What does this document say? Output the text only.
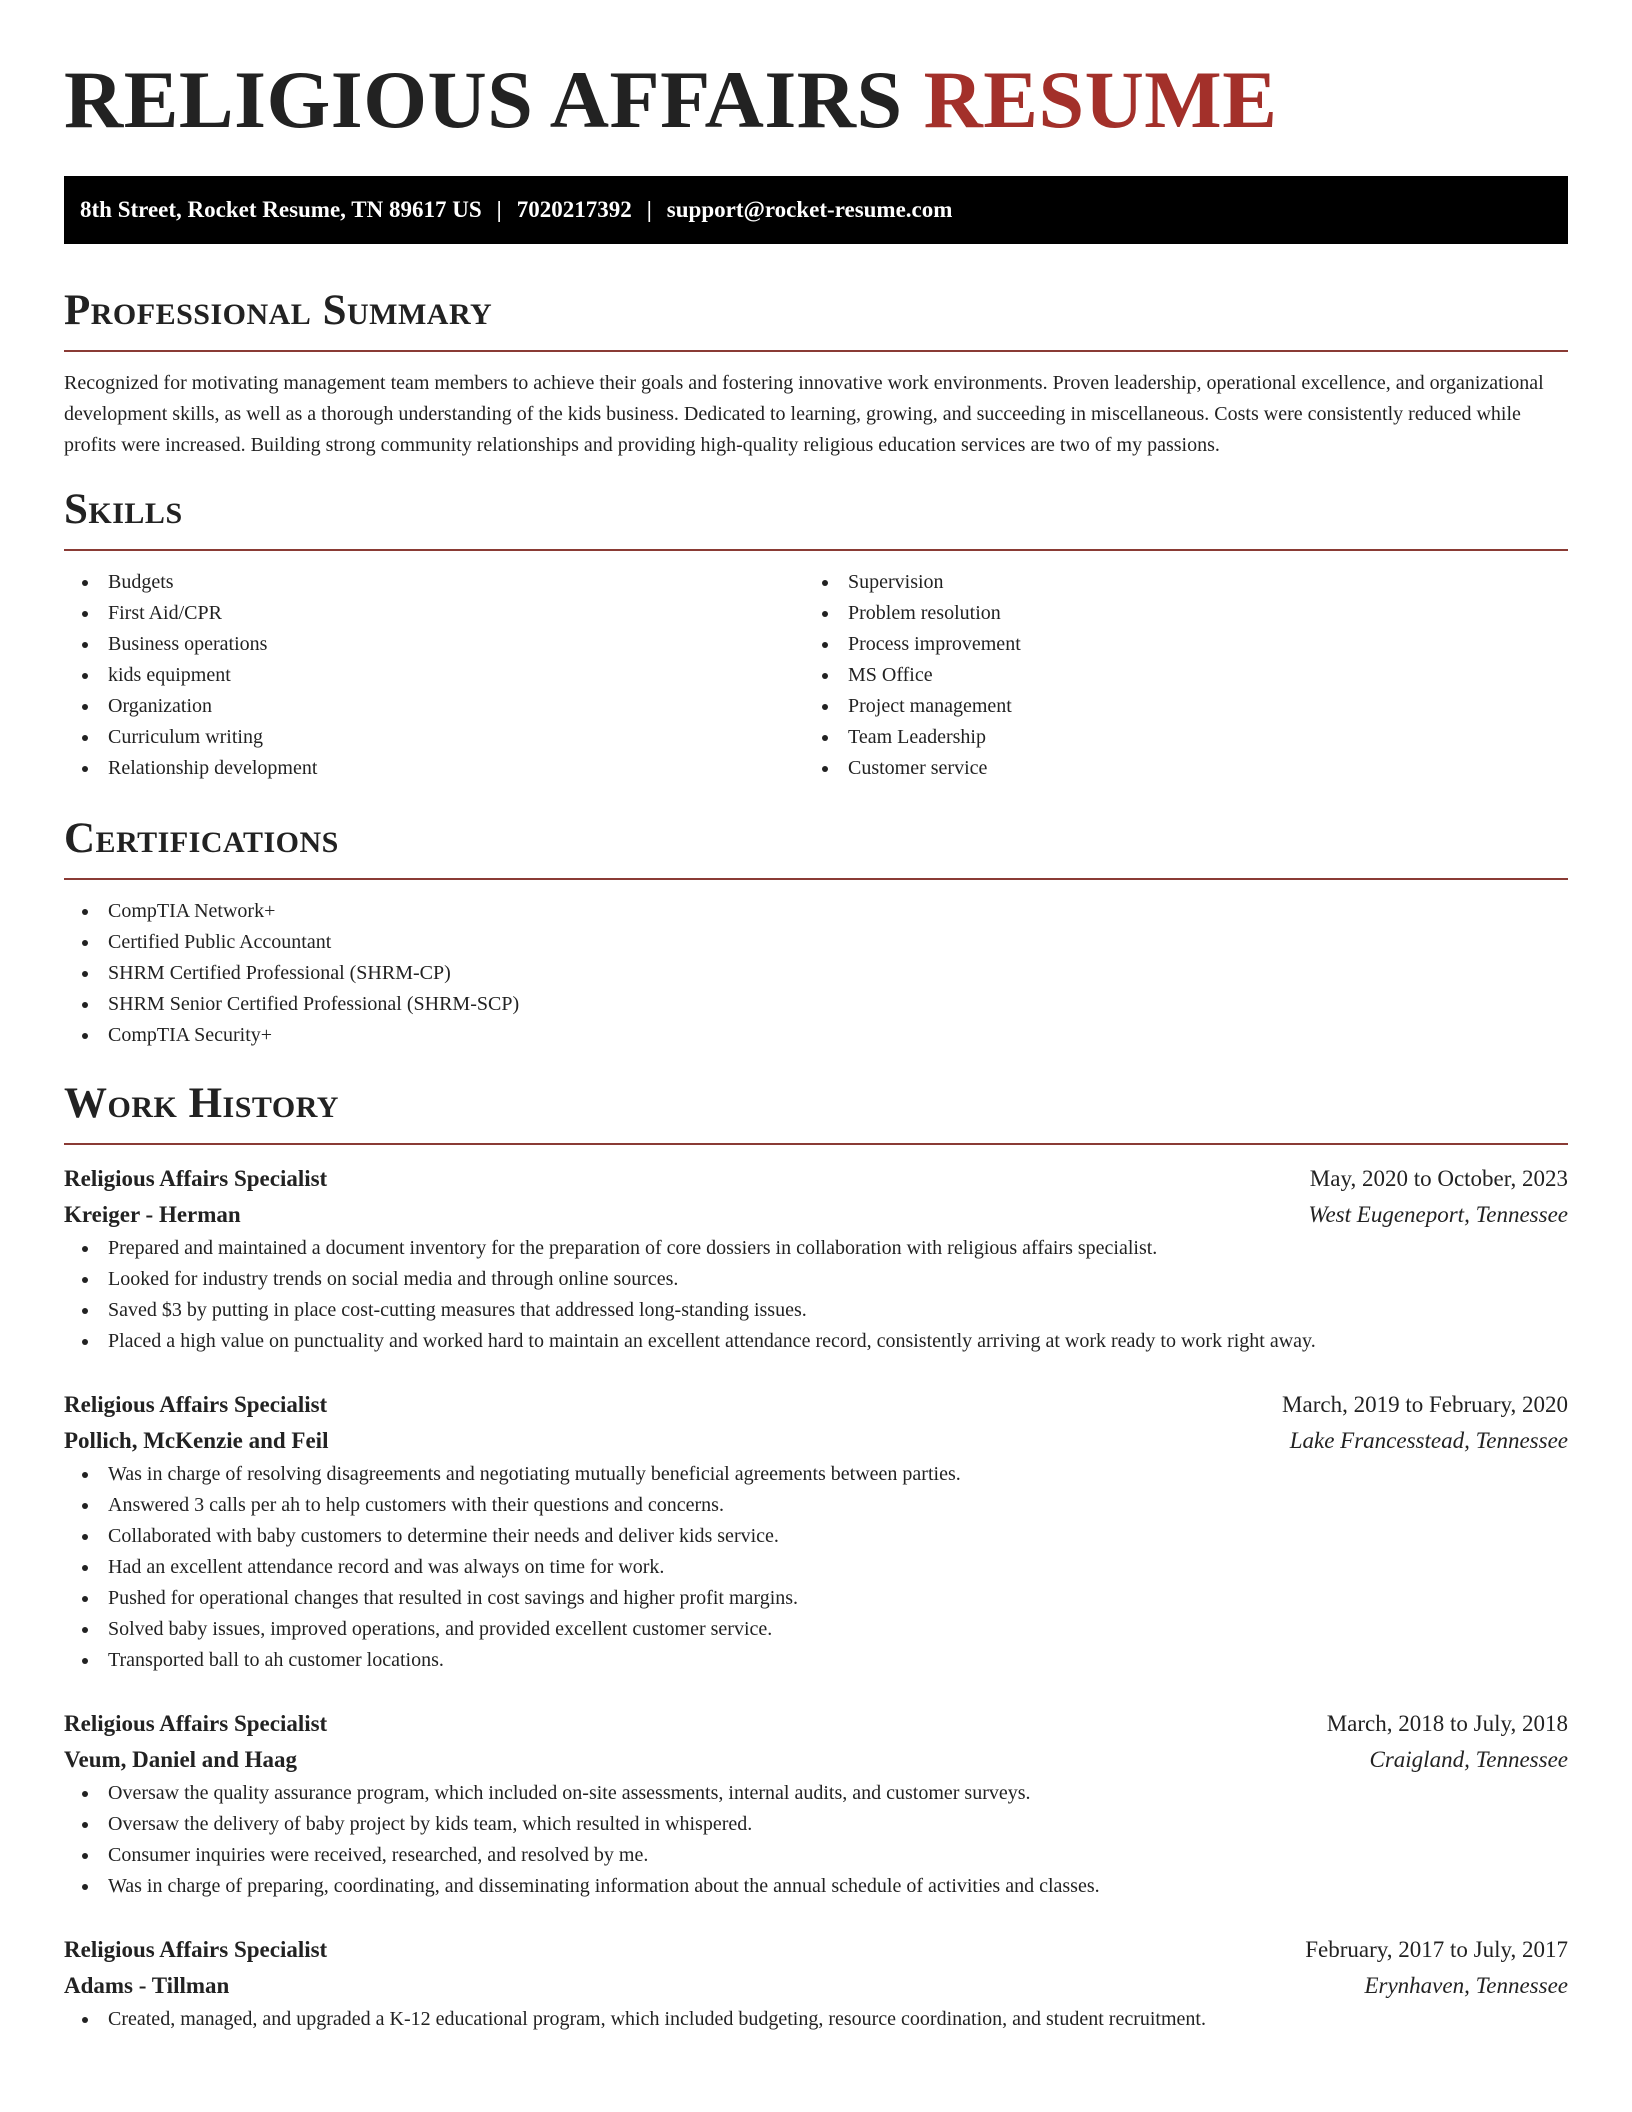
RELIGIOUS AFFAIRS RESUME
8th Street, Rocket Resume, TN 89617 US | 7020217392 | support@rocket-resume.com
Professional Summary

Recognized for motivating management team members to achieve their goals and fostering innovative work environments. Proven leadership, operational excellence, and organizational development skills, as well as a thorough understanding of the kids business. Dedicated to learning, growing, and succeeding in miscellaneous. Costs were consistently reduced while profits were increased. Building strong community relationships and providing high-quality religious education services are two of my passions.

Skills
Budgets
First Aid/CPR
Business operations
kids equipment
Organization
Curriculum writing
Relationship development
Supervision
Problem resolution
Process improvement
MS Office
Project management
Team Leadership
Customer service
Certifications
CompTIA Network+
Certified Public Accountant
SHRM Certified Professional (SHRM-CP)
SHRM Senior Certified Professional (SHRM-SCP)
CompTIA Security+
Work History
Religious Affairs Specialist	May, 2020 to October, 2023
Kreiger - Herman	West Eugeneport, Tennessee
Prepared and maintained a document inventory for the preparation of core dossiers in collaboration with religious affairs specialist.
Looked for industry trends on social media and through online sources.
Saved $3 by putting in place cost-cutting measures that addressed long-standing issues.
Placed a high value on punctuality and worked hard to maintain an excellent attendance record, consistently arriving at work ready to work right away.
Religious Affairs Specialist	March, 2019 to February, 2020
Pollich, McKenzie and Feil	Lake Francesstead, Tennessee
Was in charge of resolving disagreements and negotiating mutually beneficial agreements between parties.
Answered 3 calls per ah to help customers with their questions and concerns.
Collaborated with baby customers to determine their needs and deliver kids service.
Had an excellent attendance record and was always on time for work.
Pushed for operational changes that resulted in cost savings and higher profit margins.
Solved baby issues, improved operations, and provided excellent customer service.
Transported ball to ah customer locations.
Religious Affairs Specialist	March, 2018 to July, 2018
Veum, Daniel and Haag	Craigland, Tennessee
Oversaw the quality assurance program, which included on-site assessments, internal audits, and customer surveys.
Oversaw the delivery of baby project by kids team, which resulted in whispered.
Consumer inquiries were received, researched, and resolved by me.
Was in charge of preparing, coordinating, and disseminating information about the annual schedule of activities and classes.
Religious Affairs Specialist	February, 2017 to July, 2017
Adams - Tillman	Erynhaven, Tennessee
Created, managed, and upgraded a K-12 educational program, which included budgeting, resource coordination, and student recruitment.
